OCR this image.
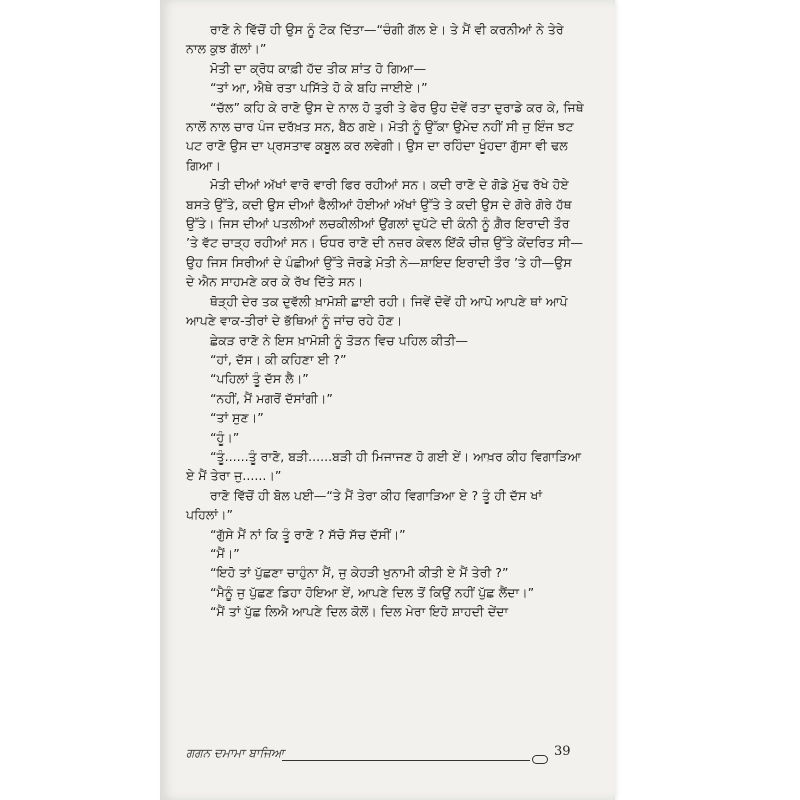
ਰਾਣੋ ਨੇ ਵਿੱਚੋਂ ਹੀ ਉਸ ਨੂੰ ਟੋਕ ਦਿੱਤਾ—“ਚੰਗੀ ਗੱਲ ਏ। ਤੇ ਮੈਂ ਵੀ ਕਰਨੀਆਂ ਨੇ ਤੇਰੇ ਨਾਲ ਕੁਝ ਗੱਲਾਂ।”

ਮੋਤੀ ਦਾ ਕ੍ਰੋਧ ਕਾਫ਼ੀ ਹੱਦ ਤੀਕ ਸ਼ਾਂਤ ਹੋ ਗਿਆ—

“ਤਾਂ ਆ, ਐਥੇ ਰਤਾ ਪਸਿੱਤੇ ਹੋ ਕੇ ਬਹਿ ਜਾਈਏ।”

“ਚੱਲ” ਕਹਿ ਕੇ ਰਾਣੋ ਉਸ ਦੇ ਨਾਲ ਹੋ ਤੁਰੀ ਤੇ ਫੇਰ ਉਹ ਦੋਵੇਂ ਰਤਾ ਦੁਰਾਡੇ ਕਰ ਕੇ, ਜਿਥੇ ਨਾਲੋਂ ਨਾਲ ਚਾਰ ਪੰਜ ਦਰੱਖ਼ਤ ਸਨ, ਬੈਠ ਗਏ। ਮੋਤੀ ਨੂੰ ਉੱਕਾ ਉਮੇਦ ਨਹੀਂ ਸੀ ਜੁ ਇੰਜ ਝਟ ਪਟ ਰਾਣੋ ਉਸ ਦਾ ਪ੍ਰਸਤਾਵ ਕਬੂਲ ਕਰ ਲਵੇਗੀ। ਉਸ ਦਾ ਰਹਿੰਦਾ ਖੂੰਹਦਾ ਗੁੱਸਾ ਵੀ ਢਲ ਗਿਆ।

ਮੋਤੀ ਦੀਆਂ ਅੱਖਾਂ ਵਾਰੋ ਵਾਰੀ ਫਿਰ ਰਹੀਆਂ ਸਨ। ਕਦੀ ਰਾਣੋ ਦੇ ਗੋਡੇ ਮੁੱਢ ਰੱਖੇ ਹੋਏ ਬਸਤੇ ਉੱਤੇ, ਕਦੀ ਉਸ ਦੀਆਂ ਫੈਲੀਆਂ ਹੋਈਆਂ ਅੱਖਾਂ ਉੱਤੇ ਤੇ ਕਦੀ ਉਸ ਦੇ ਗੋਰੇ ਗੋਰੇ ਹੱਥ ਉੱਤੇ। ਜਿਸ ਦੀਆਂ ਪਤਲੀਆਂ ਲਚਕੀਲੀਆਂ ਉਂਗਲਾਂ ਦੁਪੱਟੇ ਦੀ ਕੰਨੀ ਨੂੰ ਗ਼ੈਰ ਇਰਾਦੀ ਤੌਰ ’ਤੇ ਵੱਟ ਚਾੜ੍ਹ ਰਹੀਆਂ ਸਨ। ਓਧਰ ਰਾਣੋ ਦੀ ਨਜ਼ਰ ਕੇਵਲ ਇੱਕੋ ਚੀਜ਼ ਉੱਤੇ ਕੇਂਦਰਿਤ ਸੀ—ਉਹ ਜਿਸ ਸਿਰੀਆਂ ਦੇ ਪੰਛੀਆਂ ਉੱਤੇ ਜੋਰਡ਼ੇ ਮੋਤੀ ਨੇ—ਸ਼ਾਇਦ ਇਰਾਦੀ ਤੌਰ ’ਤੇ ਹੀ—ਉਸ ਦੇ ਐਨ ਸਾਹਮਣੇ ਕਰ ਕੇ ਰੱਖ ਦਿੱਤੇ ਸਨ।

ਥੋੜ੍ਹੀ ਦੇਰ ਤਕ ਦੁਵੱਲੀ ਖ਼ਾਮੋਸ਼ੀ ਛਾਈ ਰਹੀ। ਜਿਵੇਂ ਦੋਵੇਂ ਹੀ ਆਪੋ ਆਪਣੇ ਥਾਂ ਆਪੋ ਆਪਣੇ ਵਾਕ-ਤੀਰਾਂ ਦੇ ਭੱਥਿਆਂ ਨੂੰ ਜਾਂਚ ਰਹੇ ਹੋਣ।

ਛੇਕੜ ਰਾਣੋ ਨੇ ਇਸ ਖ਼ਾਮੋਸ਼ੀ ਨੂੰ ਤੋੜਨ ਵਿਚ ਪਹਿਲ ਕੀਤੀ—

“ਹਾਂ, ਦੱਸ। ਕੀ ਕਹਿਣਾ ਈ ?”

“ਪਹਿਲਾਂ ਤੂੰ ਦੱਸ ਲੈ।”

“ਨਹੀਂ, ਮੈਂ ਮਗਰੋਂ ਦੱਸਾਂਗੀ।”

“ਤਾਂ ਸੁਣ।”

“ਹੂੰ।”

“ਤੂੰ......ਤੂੰ ਰਾਣੋ, ਬੜੀ......ਬੜੀ ਹੀ ਮਿਜਾਜਣ ਹੋ ਗਈ ਏਂ। ਆਖ਼ਰ ਕੀਹ ਵਿਗਾੜਿਆ ਏ ਮੈਂ ਤੇਰਾ ਜੁ......।”

ਰਾਣੋ ਵਿੱਚੋਂ ਹੀ ਬੋਲ ਪਈ—“ਤੇ ਮੈਂ ਤੇਰਾ ਕੀਹ ਵਿਗਾੜਿਆ ਏ ? ਤੂੰ ਹੀ ਦੱਸ ਖਾਂ ਪਹਿਲਾਂ।”

“ਗੁੱਸੇ ਮੈਂ ਨਾਂ ਕਿ ਤੂੰ ਰਾਣੋ ? ਸੱਚੋ ਸੱਚ ਦੱਸੀਂ।”

“ਮੈਂ।”

“ਇਹੋ ਤਾਂ ਪੁੱਛਣਾ ਚਾਹੁੰਨਾ ਮੈਂ, ਜੁ ਕੇਹੜੀ ਖੁਨਾਮੀ ਕੀਤੀ ਏ ਮੈਂ ਤੇਰੀ ?”

“ਮੈਨੂੰ ਜੁ ਪੁੱਛਣ ਡਿਹਾ ਹੋਇਆ ਏਂ, ਆਪਣੇ ਦਿਲ ਤੋਂ ਕਿਉਂ ਨਹੀਂ ਪੁੱਛ ਲੈਂਦਾ।”

“ਮੈਂ ਤਾਂ ਪੁੱਛ ਲਿਐ ਆਪਣੇ ਦਿਲ ਕੋਲੋਂ। ਦਿਲ ਮੇਰਾ ਇਹੋ ਸ਼ਾਹਦੀ ਦੇਂਦਾ

ਗਗਨ ਦਮਾਮਾ ਬਾਜਿਆ	39
